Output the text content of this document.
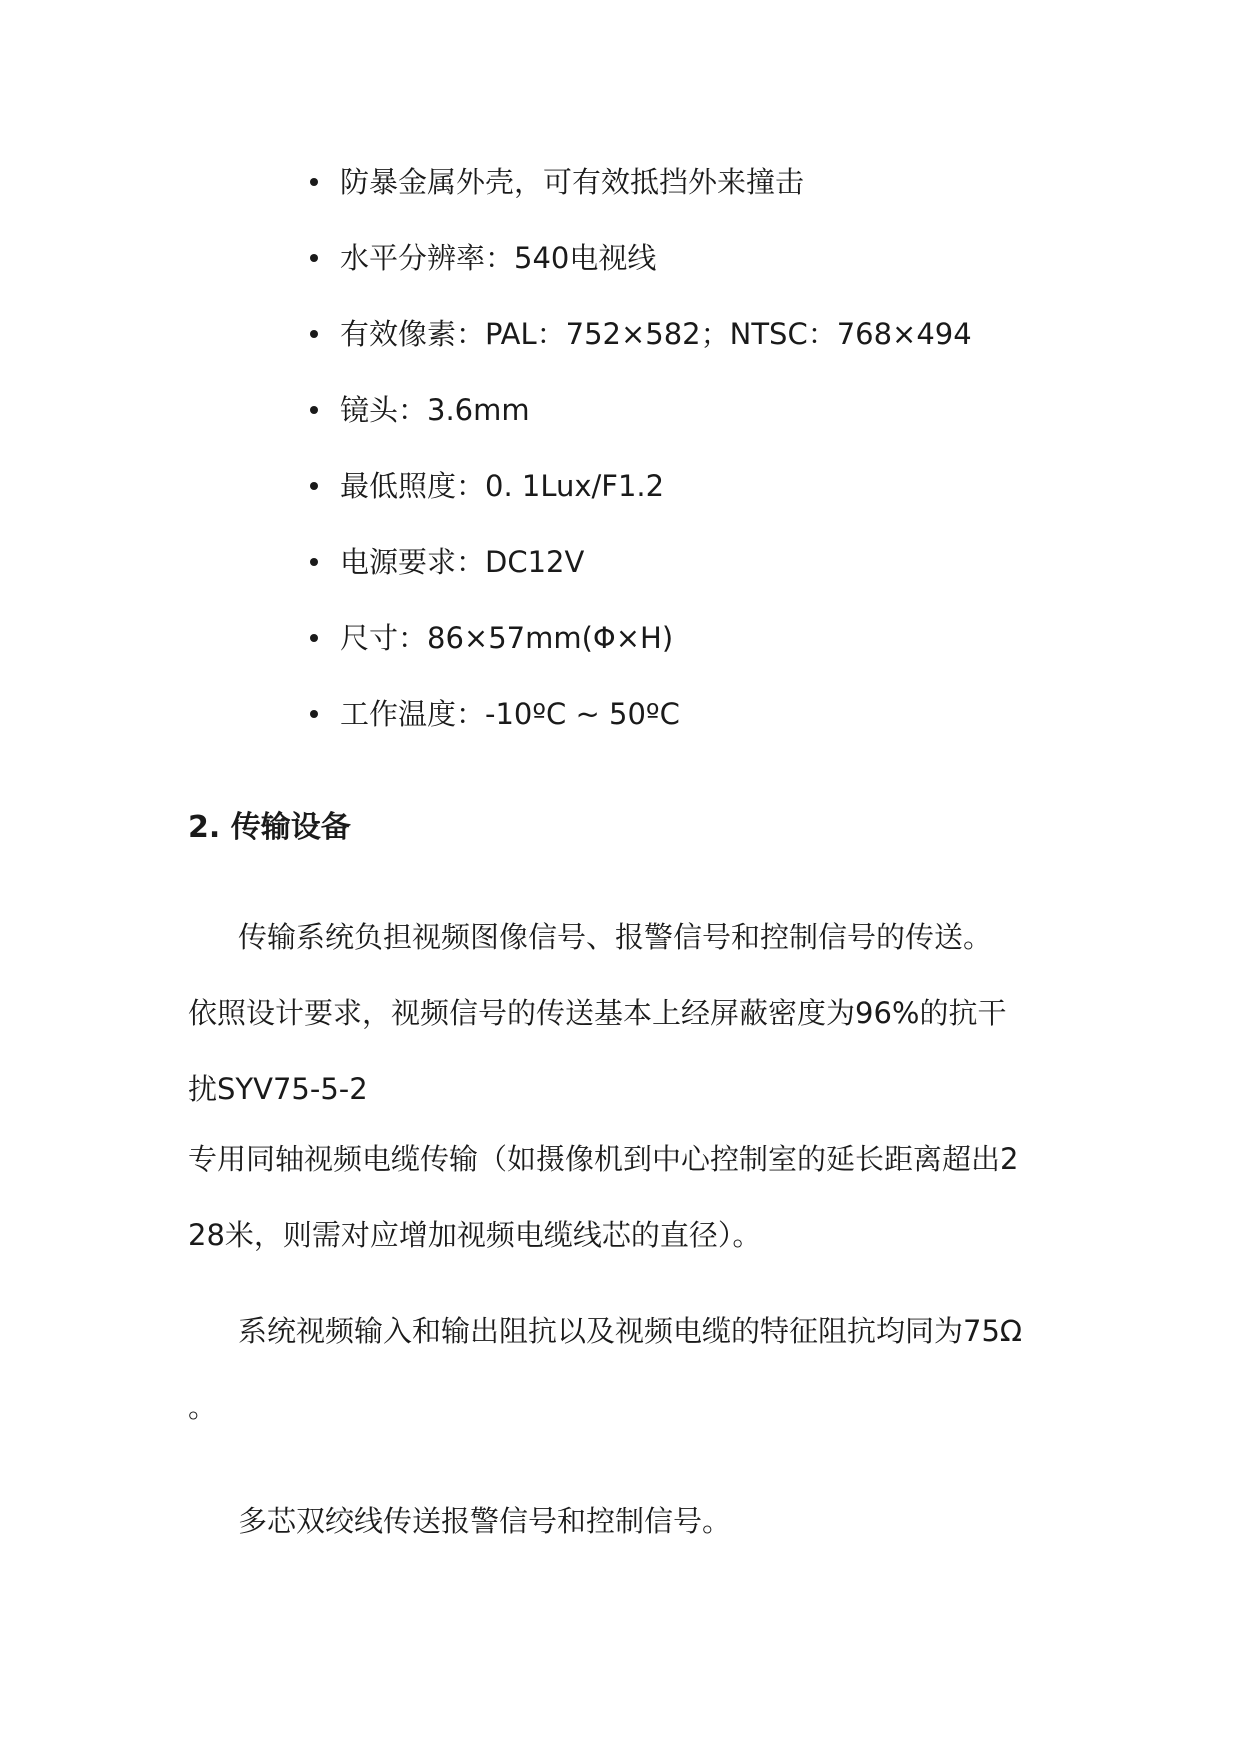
防暴金属外壳，可有效抵挡外来撞击
水平分辨率：540电视线
有效像素：PAL：752×582；NTSC：768×494
镜头：3.6mm
最低照度：0. 1Lux/F1.2
电源要求：DC12V
尺寸：86×57mm(Φ×H)
工作温度：-10ºC ~ 50ºC
2. 传输设备
传输系统负担视频图像信号、报警信号和控制信号的传送。
依照设计要求，视频信号的传送基本上经屏蔽密度为96%的抗干
扰SYV75-5-2
专用同轴视频电缆传输（如摄像机到中心控制室的延长距离超出2
28米，则需对应增加视频电缆线芯的直径）。
系统视频输入和输出阻抗以及视频电缆的特征阻抗均同为75Ω
。
多芯双绞线传送报警信号和控制信号。
